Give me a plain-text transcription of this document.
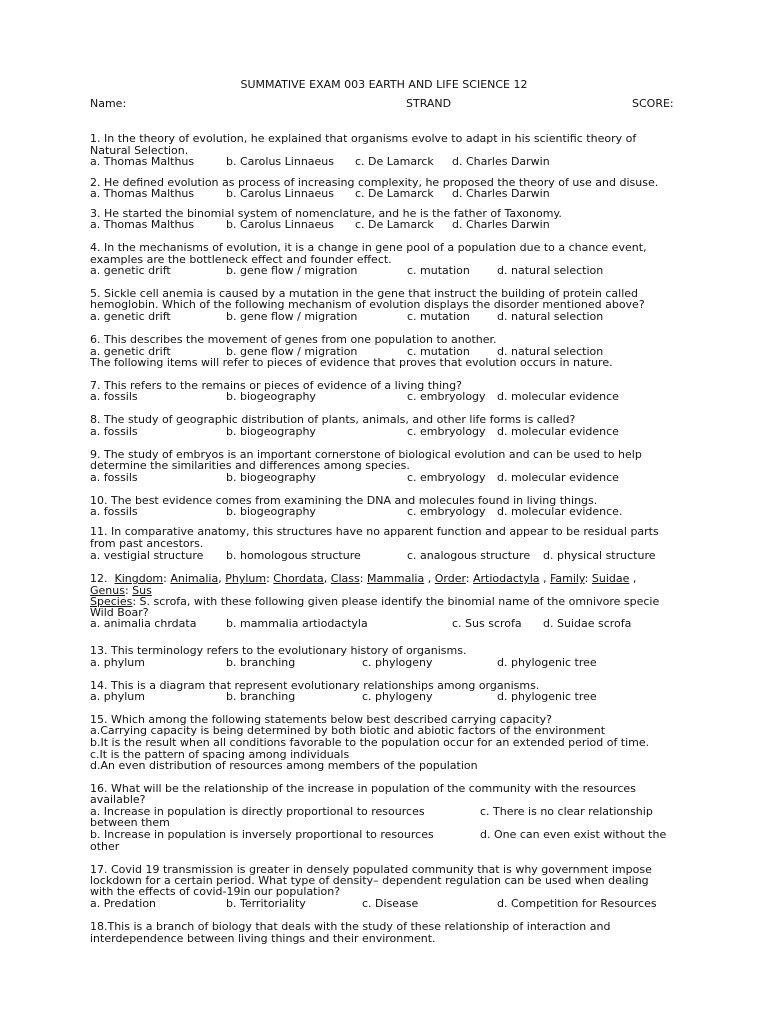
SUMMATIVE EXAM 003 EARTH AND LIFE SCIENCE 12
Name:	STRAND	SCORE:
1. In the theory of evolution, he explained that organisms evolve to adapt in his scientific theory of
Natural Selection.
a. Thomas Malthus	b. Carolus Linnaeus c. De Lamarck d. Charles Darwin
2. He defined evolution as process of increasing complexity, he proposed the theory of use and disuse.
a. Thomas Malthus	b. Carolus Linnaeus c. De Lamarck d. Charles Darwin
3. He started the binomial system of nomenclature, and he is the father of Taxonomy.
a. Thomas Malthus	b. Carolus Linnaeus c. De Lamarck d. Charles Darwin
4. In the mechanisms of evolution, it is a change in gene pool of a population due to a chance event,
examples are the bottleneck effect and founder effect.
a. genetic drift	b. gene flow / migration	c. mutation d. natural selection
5. Sickle cell anemia is caused by a mutation in the gene that instruct the building of protein called
hemoglobin. Which of the following mechanism of evolution displays the disorder mentioned above?
a. genetic drift	b. gene flow / migration	c. mutation d. natural selection
6. This describes the movement of genes from one population to another.
a. genetic drift	b. gene flow / migration	c. mutation d. natural selection
The following items will refer to pieces of evidence that proves that evolution occurs in nature.
7. This refers to the remains or pieces of evidence of a living thing?
a. fossils	b. biogeography	c. embryology d. molecular evidence
8. The study of geographic distribution of plants, animals, and other life forms is called?
a. fossils	b. biogeography	c. embryology d. molecular evidence
9. The study of embryos is an important cornerstone of biological evolution and can be used to help
determine the similarities and differences among species.
a. fossils	b. biogeography	c. embryology d. molecular evidence
10. The best evidence comes from examining the DNA and molecules found in living things.
a. fossils	b. biogeography	c. embryology d. molecular evidence.
11. In comparative anatomy, this structures have no apparent function and appear to be residual parts
from past ancestors.
a. vestigial structure b. homologous structure	c. analogous structure d. physical structure
12. Kingdom: Animalia, Phylum: Chordata, Class: Mammalia , Order: Artiodactyla , Family: Suidae ,
Genus: Sus
Species: S. scrofa, with these following given please identify the binomial name of the omnivore specie
Wild Boar?
a. animalia chrdata	b. mammalia artiodactyla	c. Sus scrofa d. Suidae scrofa
13. This terminology refers to the evolutionary history of organisms.
a. phylum	b. branching	c. phylogeny	d. phylogenic tree
14. This is a diagram that represent evolutionary relationships among organisms.
a. phylum	b. branching	c. phylogeny	d. phylogenic tree
15. Which among the following statements below best described carrying capacity?
a.Carrying capacity is being determined by both biotic and abiotic factors of the environment
b.It is the result when all conditions favorable to the population occur for an extended period of time.
c.It is the pattern of spacing among individuals
d.An even distribution of resources among members of the population
16. What will be the relationship of the increase in population of the community with the resources
available?
a. Increase in population is directly proportional to resources	c. There is no clear relationship
between them
b. Increase in population is inversely proportional to resources	d. One can even exist without the
other
17. Covid 19 transmission is greater in densely populated community that is why government impose
lockdown for a certain period. What type of density– dependent regulation can be used when dealing
with the effects of covid-19in our population?
a. Predation	b. Territoriality	c. Disease	d. Competition for Resources
18.This is a branch of biology that deals with the study of these relationship of interaction and
interdependence between living things and their environment.
